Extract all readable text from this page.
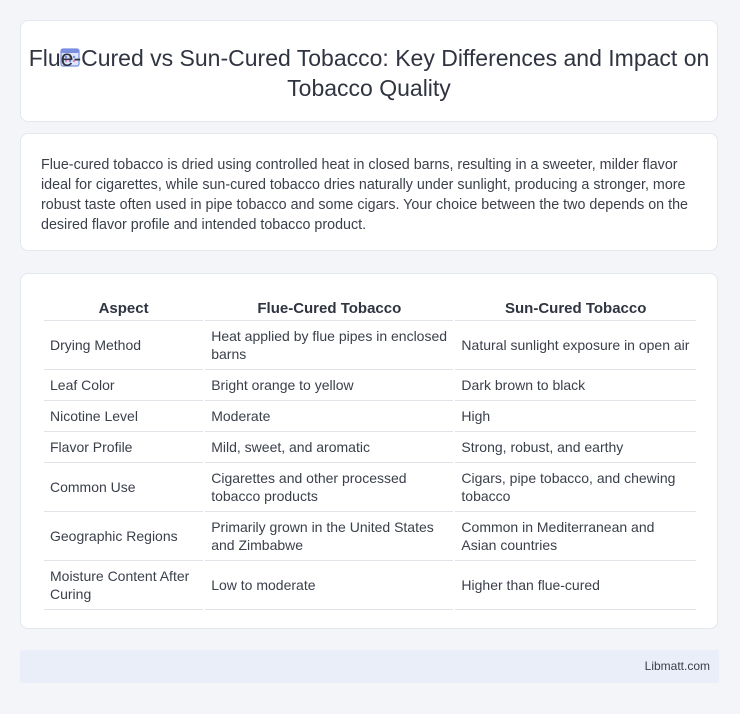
Flue-Cured vs Sun-Cured Tobacco: Key Differences and Impact on Tobacco Quality
Flue-cured tobacco is dried using controlled heat in closed barns, resulting in a sweeter, milder flavor ideal for cigarettes, while sun-cured tobacco dries naturally under sunlight, producing a stronger, more robust taste often used in pipe tobacco and some cigars. Your choice between the two depends on the desired flavor profile and intended tobacco product.
Aspect	Flue-Cured Tobacco	Sun-Cured Tobacco
Drying Method	Heat applied by flue pipes in enclosed barns	Natural sunlight exposure in open air
Leaf Color	Bright orange to yellow	Dark brown to black
Nicotine Level	Moderate	High
Flavor Profile	Mild, sweet, and aromatic	Strong, robust, and earthy
Common Use	Cigarettes and other processed tobacco products	Cigars, pipe tobacco, and chewing tobacco
Geographic Regions	Primarily grown in the United States and Zimbabwe	Common in Mediterranean and Asian countries
Moisture Content After Curing	Low to moderate	Higher than flue-cured
Libmatt.com
